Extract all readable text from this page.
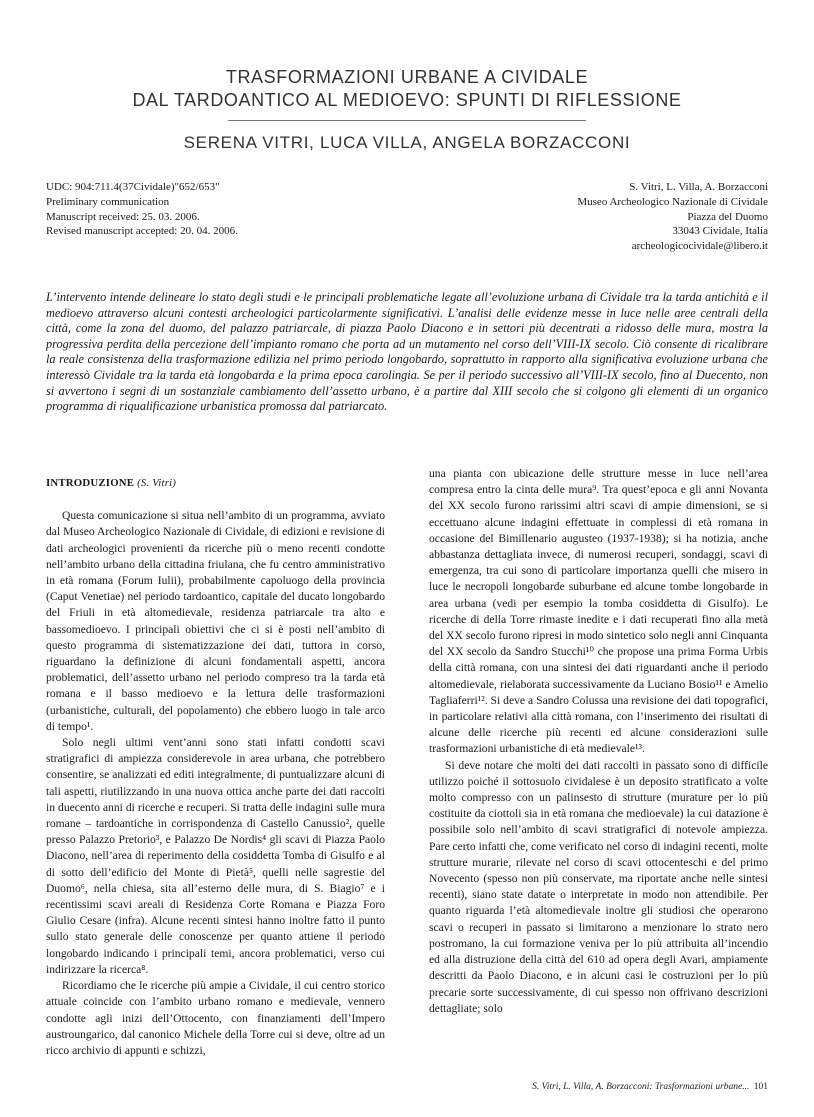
TRASFORMAZIONI URBANE A CIVIDALE
DAL TARDOANTICO AL MEDIOEVO: SPUNTI DI RIFLESSIONE
SERENA VITRI, LUCA VILLA, ANGELA BORZACCONI
UDC: 904:711.4(37Cividale)"652/653"
Preliminary communication
Manuscript received: 25. 03. 2006.
Revised manuscript accepted: 20. 04. 2006.
S. Vitri, L. Villa, A. Borzacconi
Museo Archeologico Nazionale di Cividale
Piazza del Duomo
33043 Cividale, Italia
archeologicocividale@libero.it
L’intervento intende delineare lo stato degli studi e le principali problematiche legate all’evoluzione urbana di Cividale tra la tarda antichità e il medioevo attraverso alcuni contesti archeologici particolarmente significativi. L’analisi delle evidenze messe in luce nelle aree centrali della città, come la zona del duomo, del palazzo patriarcale, di piazza Paolo Diacono e in settori più decentrati a ridosso delle mura, mostra la progressiva perdita della percezione dell’impianto romano che porta ad un mutamento nel corso dell’VIII-IX secolo. Ciò consente di ricalibrare la reale consistenza della trasformazione edilizia nel primo periodo longobardo, soprattutto in rapporto alla significativa evoluzione urbana che interessò Cividale tra la tarda età longobarda e la prima epoca carolingia. Se per il periodo successivo all’VIII-IX secolo, fino al Duecento, non si avvertono i segni di un sostanziale cambiamento dell’assetto urbano, è a partire dal XIII secolo che si colgono gli elementi di un organico programma di riqualificazione urbanistica promossa dal patriarcato.
INTRODUZIONE (S. Vitri)

Questa comunicazione si situa nell’ambito di un programma, avviato dal Museo Archeologico Nazionale di Cividale, di edizioni e revisione di dati archeologici provenienti da ricerche più o meno recenti condotte nell’ambito urbano della cittadina friulana, che fu centro amministrativo in età romana (Forum Iulii), probabilmente capoluogo della provincia (Caput Venetiae) nel periodo tardoantico, capitale del ducato longobardo del Friuli in età altomedievale, residenza patriarcale tra alto e bassomedioevo. I principali obiettivi che ci si è posti nell’ambito di questo programma di sistematizzazione dei dati, tuttora in corso, riguardano la definizione di alcuni fondamentali aspetti, ancora problematici, dell’assetto urbano nel periodo compreso tra la tarda età romana e il basso medioevo e la lettura delle trasformazioni (urbanistiche, culturali, del popolamento) che ebbero luogo in tale arco di tempo¹.

Solo negli ultimi vent’anni sono stati infatti condotti scavi stratigrafici di ampiezza considerevole in area urbana, che potrebbero consentire, se analizzati ed editi integralmente, di puntualizzare alcuni di tali aspetti, riutilizzando in una nuova ottica anche parte dei dati raccolti in duecento anni di ricerche e recuperi. Si tratta delle indagini sulle mura romane – tardoantiche in corrispondenza di Castello Canussio², quelle presso Palazzo Pretorio³, e Palazzo De Nordis⁴ gli scavi di Piazza Paolo Diacono, nell’area di reperimento della cosiddetta Tomba di Gisulfo e al di sotto dell’edificio del Monte di Pietà⁵, quelli nelle sagrestie del Duomo⁶, nella chiesa, sita all’esterno delle mura, di S. Biagio⁷ e i recentissimi scavi areali di Residenza Corte Romana e Piazza Foro Giulio Cesare (infra). Alcune recenti sintesi hanno inoltre fatto il punto sullo stato generale delle conoscenze per quanto attiene il periodo longobardo indicando i principali temi, ancora problematici, verso cui indirizzare la ricerca⁸.

Ricordiamo che le ricerche più ampie a Cividale, il cui centro storico attuale coincide con l’ambito urbano romano e medievale, vennero condotte agli inizi dell’Ottocento, con finanziamenti dell’Impero austroungarico, dal canonico Michele della Torre cui si deve, oltre ad un ricco archivio di appunti e schizzi,

una pianta con ubicazione delle strutture messe in luce nell’area compresa entro la cinta delle mura⁹. Tra quest’epoca e gli anni Novanta del XX secolo furono rarissimi altri scavi di ampie dimensioni, se si eccettuano alcune indagini effettuate in complessi di età romana in occasione del Bimillenario augusteo (1937-1938); si ha notizia, anche abbastanza dettagliata invece, di numerosi recuperi, sondaggi, scavi di emergenza, tra cui sono di particolare importanza quelli che misero in luce le necropoli longobarde suburbane ed alcune tombe longobarde in area urbana (vedi per esempio la tomba cosiddetta di Gisulfo). Le ricerche di della Torre rimaste inedite e i dati recuperati fino alla metà del XX secolo furono ripresi in modo sintetico solo negli anni Cinquanta del XX secolo da Sandro Stucchi¹⁰ che propose una prima Forma Urbis della città romana, con una sintesi dei dati riguardanti anche il periodo altomedievale, rielaborata successivamente da Luciano Bosio¹¹ e Amelio Tagliaferri¹². Si deve a Sandro Colussa una revisione dei dati topografici, in particolare relativi alla città romana, con l’inserimento dei risultati di alcune delle ricerche più recenti ed alcune considerazioni sulle trasformazioni urbanistiche di età medievale¹³.

Si deve notare che molti dei dati raccolti in passato sono di difficile utilizzo poiché il sottosuolo cividalese è un deposito stratificato a volte molto compresso con un palinsesto di strutture (murature per lo più costituite da ciottoli sia in età romana che medioevale) la cui datazione è possibile solo nell’ambito di scavi stratigrafici di notevole ampiezza. Pare certo infatti che, come verificato nel corso di indagini recenti, molte strutture murarie, rilevate nel corso di scavi ottocenteschi e del primo Novecento (spesso non più conservate, ma riportate anche nelle sintesi recenti), siano state datate o interpretate in modo non attendibile. Per quanto riguarda l’età altomedievale inoltre gli studiosi che operarono scavi o recuperi in passato si limitarono a menzionare lo strato nero postromano, la cui formazione veniva per lo più attribuita all’incendio ed alla distruzione della città del 610 ad opera degli Avari, ampiamente descritti da Paolo Diacono, e in alcuni casi le costruzioni per lo più precarie sorte successivamente, di cui spesso non offrivano descrizioni dettagliate; solo

S. Vitri, L. Villa, A. Borzacconi: Trasformazioni urbane... 101
